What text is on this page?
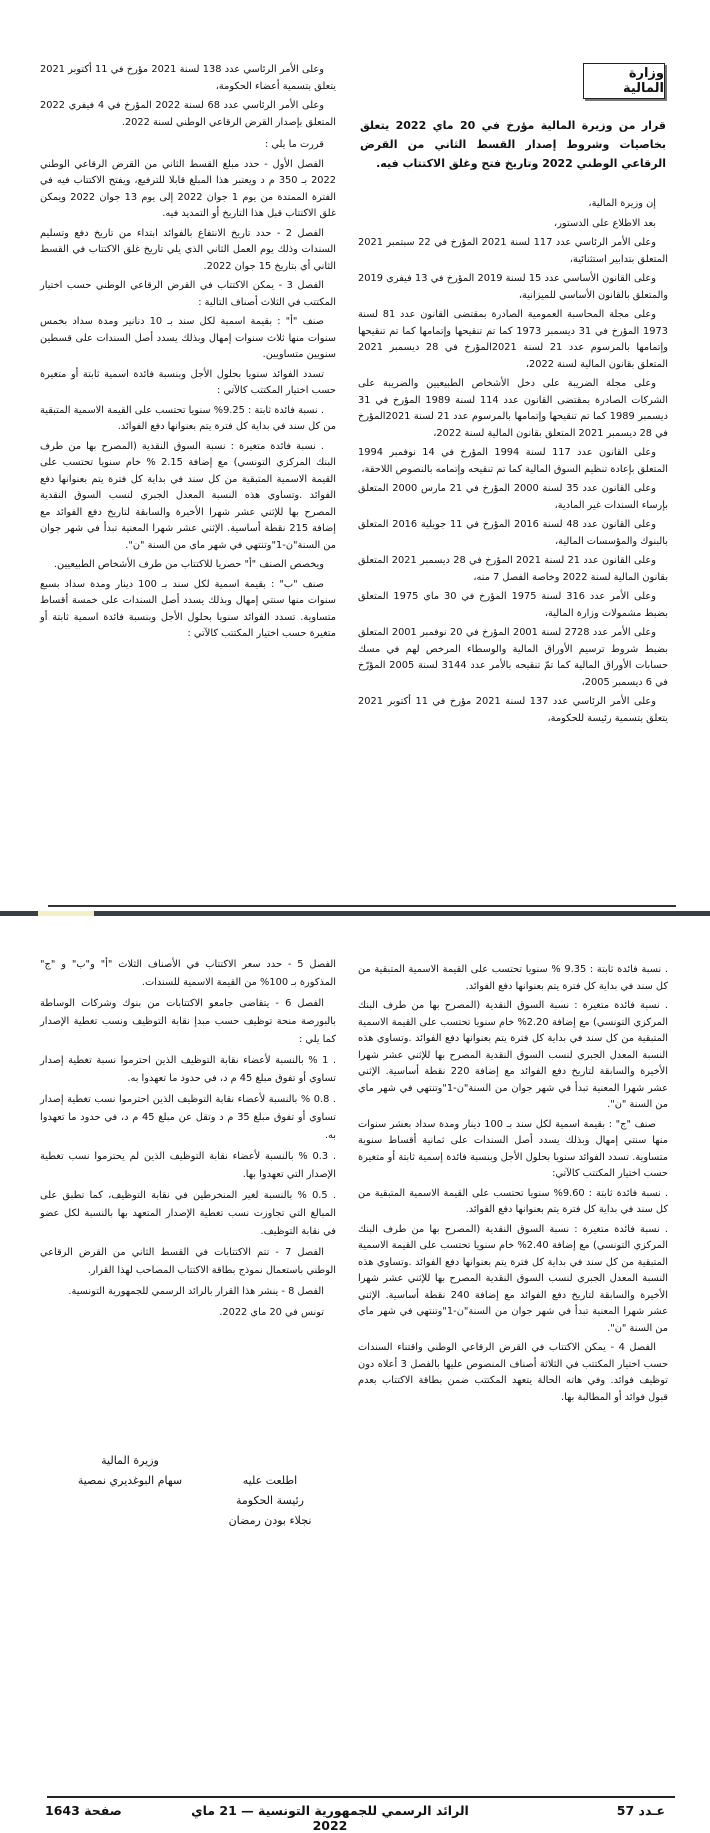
وزارة المالية
قرار من وزيرة المالية مؤرخ في 20 ماي 2022 يتعلق بخاصيات وشروط إصدار القسط الثاني من القرض الرقاعي الوطني 2022 وتاريخ فتح وغلق الاكتتاب فيه.

إن وزيرة المالية،

بعد الاطلاع على الدستور،

وعلى الأمر الرئاسي عدد 117 لسنة 2021 المؤرخ في 22 سبتمبر 2021 المتعلق بتدابير استثنائية،

وعلى القانون الأساسي عدد 15 لسنة 2019 المؤرخ في 13 فيفري 2019 والمتعلق بالقانون الأساسي للميزانية،

وعلى مجلة المحاسبة العمومية الصادرة بمقتضى القانون عدد 81 لسنة 1973 المؤرخ في 31 ديسمبر 1973 كما تم تنقيحها وإتمامها كما تم تنقيحها وإتمامها بالمرسوم عدد 21 لسنة 2021المؤرخ في 28 ديسمبر 2021 المتعلق بقانون المالية لسنة 2022،

وعلى مجلة الضريبة على دخل الأشخاص الطبيعيين والضريبة على الشركات الصادرة بمقتضى القانون عدد 114 لسنة 1989 المؤرخ في 31 ديسمبر 1989 كما تم تنقيحها وإتمامها بالمرسوم عدد 21 لسنة 2021المؤرخ في 28 ديسمبر 2021 المتعلق بقانون المالية لسنة 2022،

وعلى القانون عدد 117 لسنة 1994 المؤرخ في 14 نوفمبر 1994 المتعلق بإعادة تنظيم السوق المالية كما تم تنقيحه وإتمامه بالنصوص اللاحقة،

وعلى القانون عدد 35 لسنة 2000 المؤرخ في 21 مارس 2000 المتعلق بإرساء السندات غير المادية،

وعلى القانون عدد 48 لسنة 2016 المؤرخ في 11 جويلية 2016 المتعلق بالبنوك والمؤسسات المالية،

وعلى القانون عدد 21 لسنة 2021 المؤرخ في 28 ديسمبر 2021 المتعلق بقانون المالية لسنة 2022 وخاصة الفصل 7 منه،

وعلى الأمر عدد 316 لسنة 1975 المؤرخ في 30 ماي 1975 المتعلق بضبط مشمولات وزارة المالية،

وعلى الأمر عدد 2728 لسنة 2001 المؤرخ في 20 نوفمبر 2001 المتعلق بضبط شروط ترسيم الأوراق المالية والوسطاء المرخص لهم في مسك حسابات الأوراق المالية كما تمّ تنقيحه بالأمر عدد 3144 لسنة 2005 المؤرّخ في 6 ديسمبر 2005،

وعلى الأمر الرئاسي عدد 137 لسنة 2021 مؤرخ في 11 أكتوبر 2021 يتعلق بتسمية رئيسة للحكومة،

وعلى الأمر الرئاسي عدد 138 لسنة 2021 مؤرخ في 11 أكتوبر 2021 يتعلق بتسمية أعضاء الحكومة،

وعلى الأمر الرئاسي عدد 68 لسنة 2022 المؤرخ في 4 فيفري 2022 المتعلق بإصدار القرض الرقاعي الوطني لسنة 2022.

قررت ما يلي :

الفصل الأول - حدد مبلغ القسط الثاني من القرض الرقاعي الوطني 2022 بـ 350 م د ويعتبر هذا المبلغ قابلا للترفيع، ويفتح الاكتتاب فيه في الفترة الممتدة من يوم 1 جوان 2022 إلى يوم 13 جوان 2022 ويمكن غلق الاكتتاب قبل هذا التاريخ أو التمديد فيه.

الفصل 2 - حدد تاريخ الانتفاع بالفوائد ابتداء من تاريخ دفع وتسليم السندات وذلك يوم العمل الثاني الذي يلي تاريخ غلق الاكتتاب في القسط الثاني أي بتاريخ 15 جوان 2022.

الفصل 3 - يمكن الاكتتاب في القرض الرقاعي الوطني حسب اختيار المكتتب في الثلاث أصناف التالية :

صنف "أ" : بقيمة اسمية لكل سند بـ 10 دنانير ومدة سداد بخمس سنوات منها ثلاث سنوات إمهال وبذلك يسدد أصل السندات على قسطين سنويين متساويين.

تسدد الفوائد سنويا بحلول الأجل وبنسبة فائدة اسمية ثابتة أو متغيرة حسب اختيار المكتتب كالآتي :

. نسبة فائدة ثابتة : 9.25% سنويا تحتسب على القيمة الاسمية المتبقية من كل سند في بداية كل فترة يتم بعنوانها دفع الفوائد.

. نسبة فائدة متغيرة : نسبة السوق النقدية (المصرح بها من طرف البنك المركزي التونسي) مع إضافة 2.15 % خام سنويا تحتسب على القيمة الاسمية المتبقية من كل سند في بداية كل فترة يتم بعنوانها دفع الفوائد .وتساوي هذه النسبة المعدل الجبري لنسب السوق النقدية المصرح بها للإثني عشر شهرا الأخيرة والسابقة لتاريخ دفع الفوائد مع إضافة 215 نقطة أساسية. الإثني عشر شهرا المعنية تبدأ في شهر جوان من السنة"ن-1"وتنتهي في شهر ماي من السنة "ن".

ويخصص الصنف "أ" حصريا للاكتتاب من طرف الأشخاص الطبيعيين.

صنف "ب" : بقيمة اسمية لكل سند بـ 100 دينار ومدة سداد بسبع سنوات منها سنتي إمهال وبذلك يسدد أصل السندات على خمسة أقساط متساوية. تسدد الفوائد سنويا بحلول الأجل وبنسبة فائدة اسمية ثابتة أو متغيرة حسب اختيار المكتتب كالآتي :

. نسبة فائدة ثابتة : 9.35 % سنويا تحتسب على القيمة الاسمية المتبقية من كل سند في بداية كل فترة يتم بعنوانها دفع الفوائد.

. نسبة فائدة متغيرة : نسبة السوق النقدية (المصرح بها من طرف البنك المركزي التونسي) مع إضافة 2.20% خام سنويا تحتسب على القيمة الاسمية المتبقية من كل سند في بداية كل فترة يتم بعنوانها دفع الفوائد .وتساوي هذه النسبة المعدل الجبري لنسب السوق النقدية المصرح بها للإثني عشر شهرا الأخيرة والسابقة لتاريخ دفع الفوائد مع إضافة 220 نقطة أساسية. الإثني عشر شهرا المعنية تبدأ في شهر جوان من السنة"ن-1"وتنتهي في شهر ماي من السنة "ن".

صنف "ج" : بقيمة اسمية لكل سند بـ 100 دينار ومدة سداد بعشر سنوات منها سنتي إمهال وبذلك يسدد أصل السندات على ثمانية أقساط سنوية متساوية. تسدد الفوائد سنويا بحلول الأجل وبنسبة فائدة إسمية ثابتة أو متغيرة حسب اختيار المكتتب كالآتي:

. نسبة فائدة ثابتة : 9.60% سنويا تحتسب على القيمة الاسمية المتبقية من كل سند في بداية كل فترة يتم بعنوانها دفع الفوائد.

. نسبة فائدة متغيرة : نسبة السوق النقدية (المصرح بها من طرف البنك المركزي التونسي) مع إضافة 2.40% خام سنويا تحتسب على القيمة الاسمية المتبقية من كل سند في بداية كل فترة يتم بعنوانها دفع الفوائد .وتساوي هذه النسبة المعدل الجبري لنسب السوق النقدية المصرح بها للإثني عشر شهرا الأخيرة والسابقة لتاريخ دفع الفوائد مع إضافة 240 نقطة أساسية. الإثني عشر شهرا المعنية تبدأ في شهر جوان من السنة"ن-1"وتنتهي في شهر ماي من السنة "ن".

الفصل 4 - يمكن الاكتتاب في القرض الرقاعي الوطني واقتناء السندات حسب اختيار المكتتب في الثلاثة أصناف المنصوص عليها بالفصل 3 أعلاه دون توظيف فوائد. وفي هاته الحالة يتعهد المكتتب ضمن بطاقة الاكتتاب بعدم قبول فوائد أو المطالبة بها.

الفصل 5 - حدد سعر الاكتتاب في الأصناف الثلاث "أ" و"ب" و "ج" المذكورة بـ 100% من القيمة الاسمية للسندات.

الفصل 6 - يتقاضى جامعو الاكتتابات من بنوك وشركات الوساطة بالبورصة منحة توظيف حسب مبدإ نقابة التوظيف ونسب تغطية الإصدار كما يلي :

. 1 % بالنسبة لأعضاء نقابة التوظيف الذين احترموا نسبة تغطية إصدار تساوي أو تفوق مبلغ 45 م د، في حدود ما تعهدوا به.

. 0.8 % بالنسبة لأعضاء نقابة التوظيف الذين احترموا نسب تغطية إصدار تساوي أو تفوق مبلغ 35 م د وتقل عن مبلغ 45 م د، في حدود ما تعهدوا به.

. 0.3 % بالنسبة لأعضاء نقابة التوظيف الذين لم يحترموا نسب تغطية الإصدار التي تعهدوا بها.

. 0.5 % بالنسبة لغير المنخرطين في نقابة التوظيف، كما تطبق على المبالغ التي تجاوزت نسب تغطية الإصدار المتعهد بها بالنسبة لكل عضو في نقابة التوظيف.

الفصل 7 - تتم الاكتتابات في القسط الثاني من القرض الرقاعي الوطني باستعمال نموذج بطاقة الاكتتاب المصاحب لهذا القرار.

الفصل 8 - ينشر هذا القرار بالرائد الرسمي للجمهورية التونسية.

تونس في 20 ماي 2022.

وزيرة المالية
سهام البوغديري نمصية	اطلعت عليه
رئيسة الحكومة
نجلاء بودن رمضان
عـدد 57
الرائد الرسمي للجمهورية التونسية — 21 ماي 2022
صفحة 1643
